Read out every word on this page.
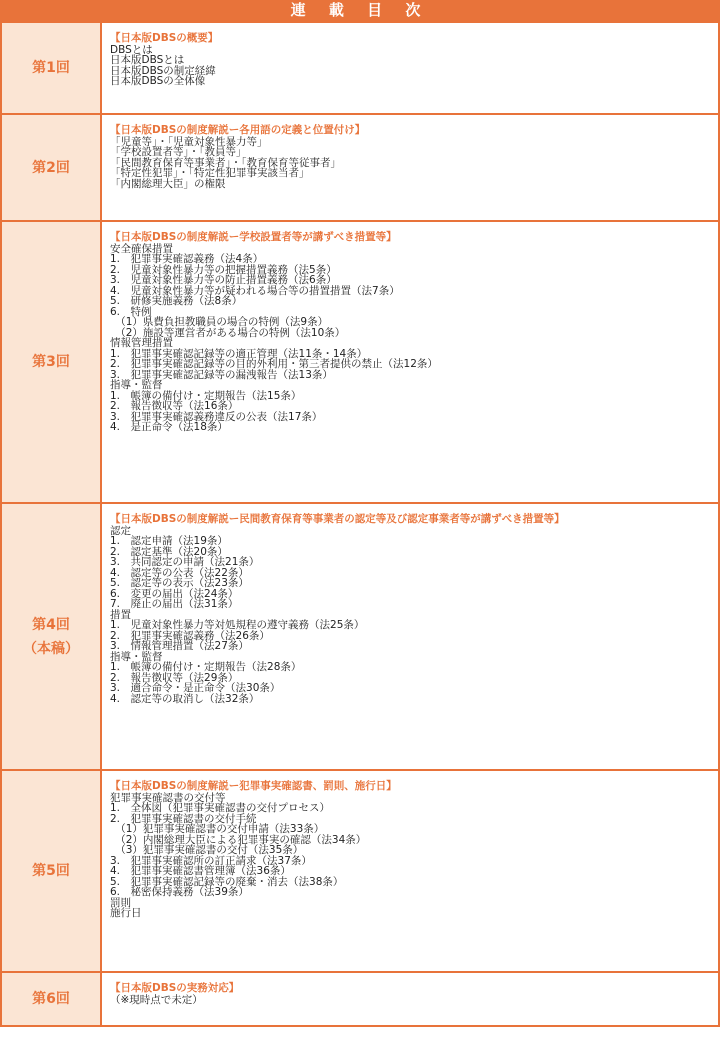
連 載 目 次
第1回
【日本版DBSの概要】
DBSとは
日本版DBSとは
日本版DBSの制定経緯
日本版DBSの全体像
第2回
【日本版DBSの制度解説ー各用語の定義と位置付け】
「児童等」・「児童対象性暴力等」
「学校設置者等」・「教員等」
「民間教育保育等事業者」・「教育保育等従事者」
「特定性犯罪」・「特定性犯罪事実該当者」
「内閣総理大臣」の権限
第3回
【日本版DBSの制度解説ー学校設置者等が講ずべき措置等】
安全確保措置
1.　犯罪事実確認義務（法4条）
2.　児童対象性暴力等の把握措置義務（法5条）
3.　児童対象性暴力等の防止措置義務（法6条）
4.　児童対象性暴力等が疑われる場合等の措置措置（法7条）
5.　研修実施義務（法8条）
6.　特例
　（1）県費負担教職員の場合の特例（法9条）
　（2）施設等運営者がある場合の特例（法10条）
情報管理措置
1.　犯罪事実確認記録等の適正管理（法11条・14条）
2.　犯罪事実確認記録等の目的外利用・第三者提供の禁止（法12条）
3.　犯罪事実確認記録等の漏洩報告（法13条）
指導・監督
1.　帳簿の備付け・定期報告（法15条）
2.　報告徴収等（法16条）
3.　犯罪事実確認義務違反の公表（法17条）
4.　是正命令（法18条）
第4回
（本稿）
【日本版DBSの制度解説ー民間教育保育等事業者の認定等及び認定事業者等が講ずべき措置等】
認定
1.　認定申請（法19条）
2.　認定基準（法20条）
3.　共同認定の申請（法21条）
4.　認定等の公表（法22条）
5.　認定等の表示（法23条）
6.　変更の届出（法24条）
7.　廃止の届出（法31条）
措置
1.　児童対象性暴力等対処規程の遵守義務（法25条）
2.　犯罪事実確認義務（法26条）
3.　情報管理措置（法27条）
指導・監督
1.　帳簿の備付け・定期報告（法28条）
2.　報告徴収等（法29条）
3.　適合命令・是正命令（法30条）
4.　認定等の取消し（法32条）
第5回
【日本版DBSの制度解説ー犯罪事実確認書、罰則、施行日】
犯罪事実確認書の交付等
1.　全体図（犯罪事実確認書の交付プロセス）
2.　犯罪事実確認書の交付手続
　（1）犯罪事実確認書の交付申請（法33条）
　（2）内閣総理大臣による犯罪事実の確認（法34条）
　（3）犯罪事実確認書の交付（法35条）
3.　犯罪事実確認所の訂正請求（法37条）
4.　犯罪事実確認書管理簿（法36条）
5.　犯罪事実確認記録等の廃棄・消去（法38条）
6.　秘密保持義務（法39条）
罰則
施行日
第6回
【日本版DBSの実務対応】
（※現時点で未定）
